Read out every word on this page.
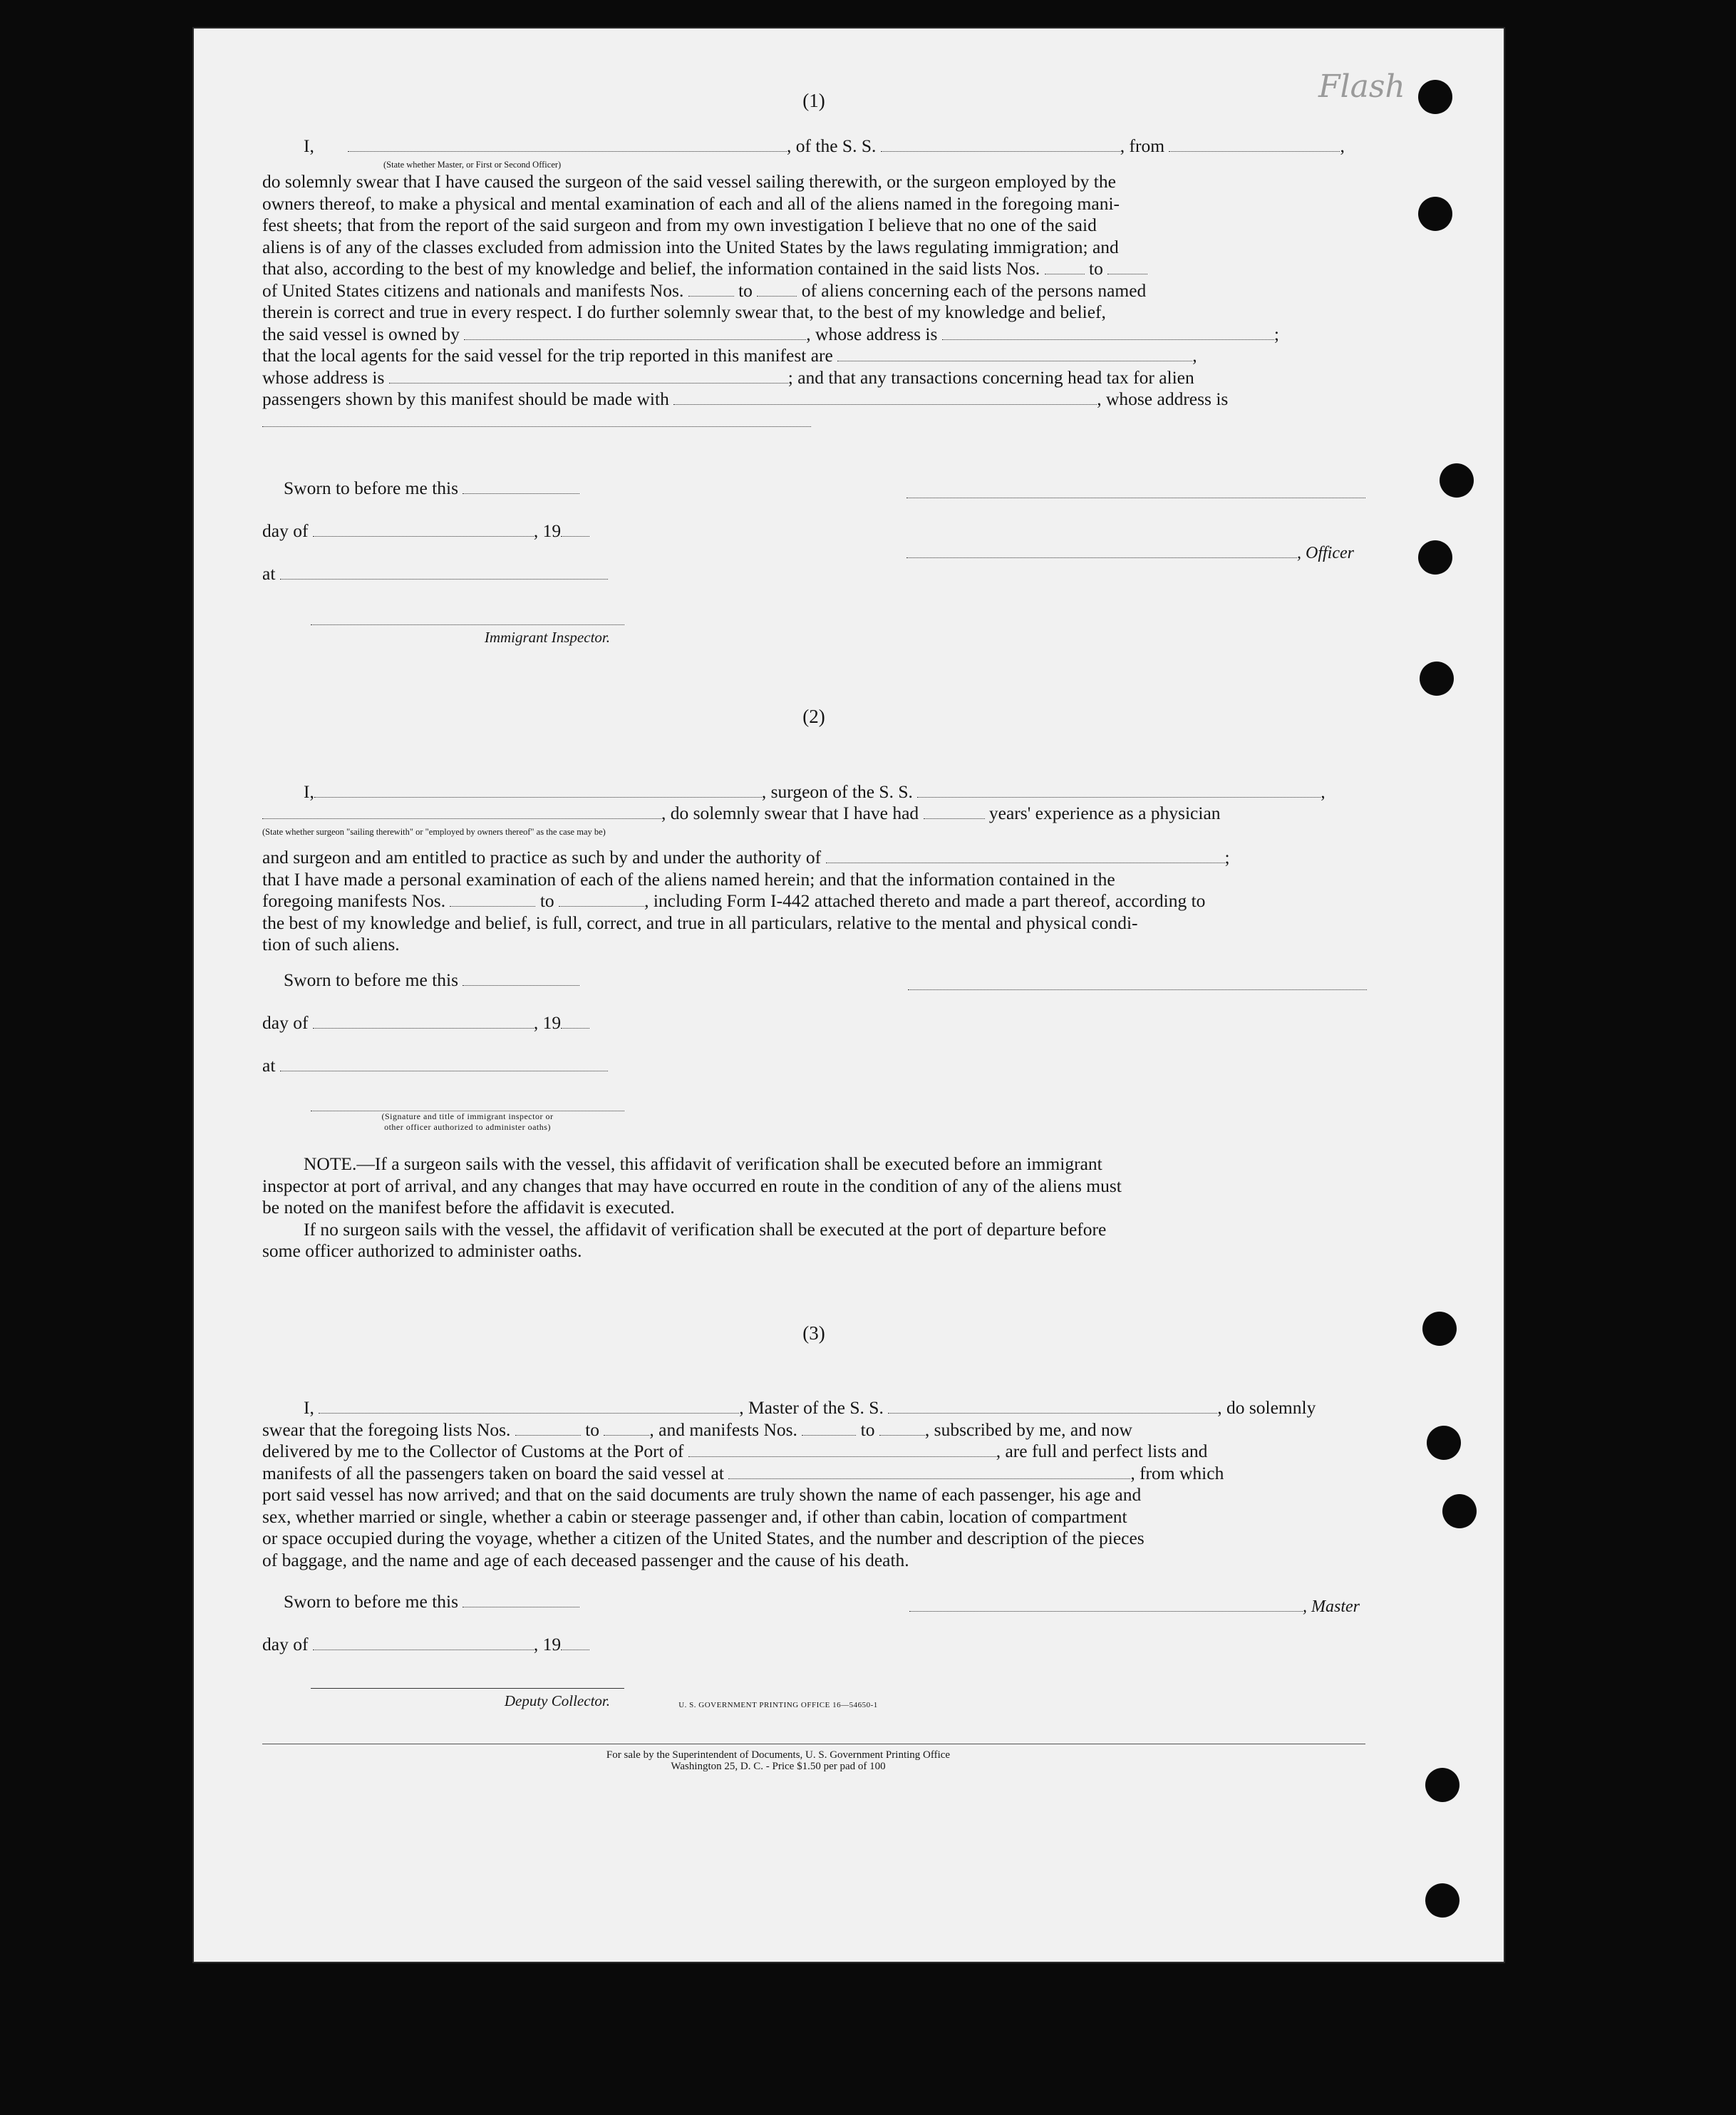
Flash

(1)

I,	, of the S. S.	, from	,
(State whether Master, or First or Second Officer)
do solemnly swear that I have caused the surgeon of the said vessel sailing therewith, or the surgeon employed by the
owners thereof, to make a physical and mental examination of each and all of the aliens named in the foregoing mani-
fest sheets; that from the report of the said surgeon and from my own investigation I believe that no one of the said
aliens is of any of the classes excluded from admission into the United States by the laws regulating immigration; and
that also, according to the best of my knowledge and belief, the information contained in the said lists Nos.	to
of United States citizens and nationals and manifests Nos.	to	of aliens concerning each of the persons named
therein is correct and true in every respect. I do further solemnly swear that, to the best of my knowledge and belief,
the said vessel is owned by	, whose address is	;
that the local agents for the said vessel for the trip reported in this manifest are	,
whose address is	; and that any transactions concerning head tax for alien
passengers shown by this manifest should be made with	, whose address is
Sworn to before me this
day of	, 19
at
Immigrant Inspector.
, Officer

(2)

I,	, surgeon of the S. S.	,
, do solemnly swear that I have had	years' experience as a physician
(State whether surgeon "sailing therewith" or "employed by owners thereof" as the case may be)
and surgeon and am entitled to practice as such by and under the authority of	;
that I have made a personal examination of each of the aliens named herein; and that the information contained in the
foregoing manifests Nos.	to	, including Form I-442 attached thereto and made a part thereof, according to
the best of my knowledge and belief, is full, correct, and true in all particulars, relative to the mental and physical condi-
tion of such aliens.
Sworn to before me this
day of	, 19
at
(Signature and title of immigrant inspector or
other officer authorized to administer oaths)
NOTE.—If a surgeon sails with the vessel, this affidavit of verification shall be executed before an immigrant
inspector at port of arrival, and any changes that may have occurred en route in the condition of any of the aliens must
be noted on the manifest before the affidavit is executed.
If no surgeon sails with the vessel, the affidavit of verification shall be executed at the port of departure before
some officer authorized to administer oaths.

(3)

I,	, Master of the S. S.	, do solemnly
swear that the foregoing lists Nos.	to	, and manifests Nos.	to	, subscribed by me, and now
delivered by me to the Collector of Customs at the Port of	, are full and perfect lists and
manifests of all the passengers taken on board the said vessel at	, from which
port said vessel has now arrived; and that on the said documents are truly shown the name of each passenger, his age and
sex, whether married or single, whether a cabin or steerage passenger and, if other than cabin, location of compartment
or space occupied during the voyage, whether a citizen of the United States, and the number and description of the pieces
of baggage, and the name and age of each deceased passenger and the cause of his death.
Sworn to before me this	, Master
day of	, 19
Deputy Collector.	U. S. GOVERNMENT PRINTING OFFICE 16—54650-1
For sale by the Superintendent of Documents, U. S. Government Printing Office
Washington 25, D. C. - Price $1.50 per pad of 100
